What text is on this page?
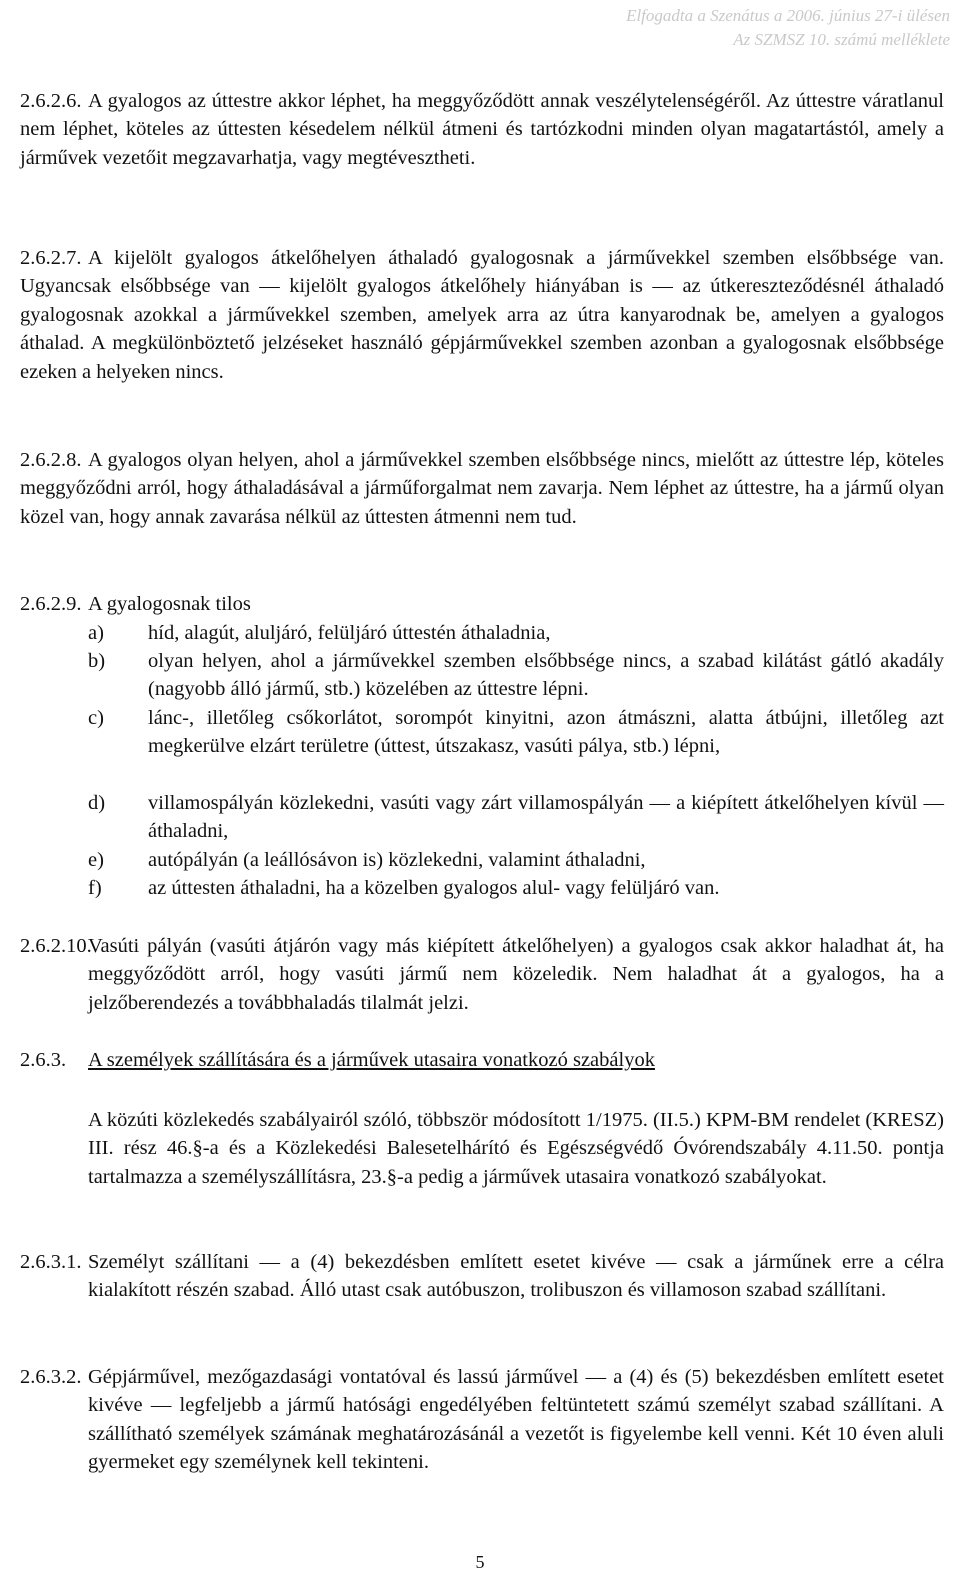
Elfogadta a Szenátus a 2006. június 27-i ülésen
Az SZMSZ 10. számú melléklete
A gyalogos az úttestre akkor léphet, ha meggyőződött annak veszélytelenségéről. Az úttestre váratlanul nem léphet, köteles az úttesten késedelem nélkül átmeni és tartózkodni minden olyan magatartástól, amely a járművek vezetőit megzavarhatja, vagy megtévesztheti.
2.6.2.6.
A kijelölt gyalogos átkelőhelyen áthaladó gyalogosnak a járművekkel szemben elsőbbsége van. Ugyancsak elsőbbsége van — kijelölt gyalogos átkelőhely hiányában is — az útkereszteződésnél áthaladó gyalogosnak azokkal a járművekkel szemben, amelyek arra az útra kanyarodnak be, amelyen a gyalogos áthalad. A megkülönböztető jelzéseket használó gépjárművekkel szemben azonban a gyalogosnak elsőbbsége ezeken a helyeken nincs.
2.6.2.7.
A gyalogos olyan helyen, ahol a járművekkel szemben elsőbbsége nincs, mielőtt az úttestre lép, köteles meggyőződni arról, hogy áthaladásával a járműforgalmat nem zavarja. Nem léphet az úttestre, ha a jármű olyan közel van, hogy annak zavarása nélkül az úttesten átmenni nem tud.
2.6.2.8.
2.6.2.9. A gyalogosnak tilos
a) híd, alagút, aluljáró, felüljáró úttestén áthaladnia,
b) olyan helyen, ahol a járművekkel szemben elsőbbsége nincs, a szabad kilátást gátló akadály (nagyobb álló jármű, stb.) közelében az úttestre lépni.
c) lánc-, illetőleg csőkorlátot, sorompót kinyitni, azon átmászni, alatta átbújni, illetőleg azt megkerülve elzárt területre (úttest, útszakasz, vasúti pálya, stb.) lépni,
d) villamospályán közlekedni, vasúti vagy zárt villamospályán — a kiépített átkelőhelyen kívül — áthaladni,
e) autópályán (a leállósávon is) közlekedni, valamint áthaladni,
f) az úttesten áthaladni, ha a közelben gyalogos alul- vagy felüljáró van.
2.6.2.10.
Vasúti pályán (vasúti átjárón vagy más kiépített átkelőhelyen) a gyalogos csak akkor haladhat át, ha meggyőződött arról, hogy vasúti jármű nem közeledik. Nem haladhat át a gyalogos, ha a jelzőberendezés a továbbhaladás tilalmát jelzi.
2.6.3. A személyek szállítására és a járművek utasaira vonatkozó szabályok
A közúti közlekedés szabályairól szóló, többször módosított 1/1975. (II.5.) KPM-BM rendelet (KRESZ) III. rész 46.§-a és a Közlekedési Balesetelhárító és Egészségvédő Óvórendszabály 4.11.50. pontja tartalmazza a személyszállításra, 23.§-a pedig a járművek utasaira vonatkozó szabályokat.
2.6.3.1. Személyt szállítani — a (4) bekezdésben említett esetet kivéve — csak a járműnek erre a célra kialakított részén szabad. Álló utast csak autóbuszon, trolibuszon és villamoson szabad szállítani.
2.6.3.2. Gépjárművel, mezőgazdasági vontatóval és lassú járművel — a (4) és (5) bekezdésben említett esetet kivéve — legfeljebb a jármű hatósági engedélyében feltüntetett számú személyt szabad szállítani. A szállítható személyek számának meghatározásánál a vezetőt is figyelembe kell venni. Két 10 éven aluli gyermeket egy személynek kell tekinteni.
5
